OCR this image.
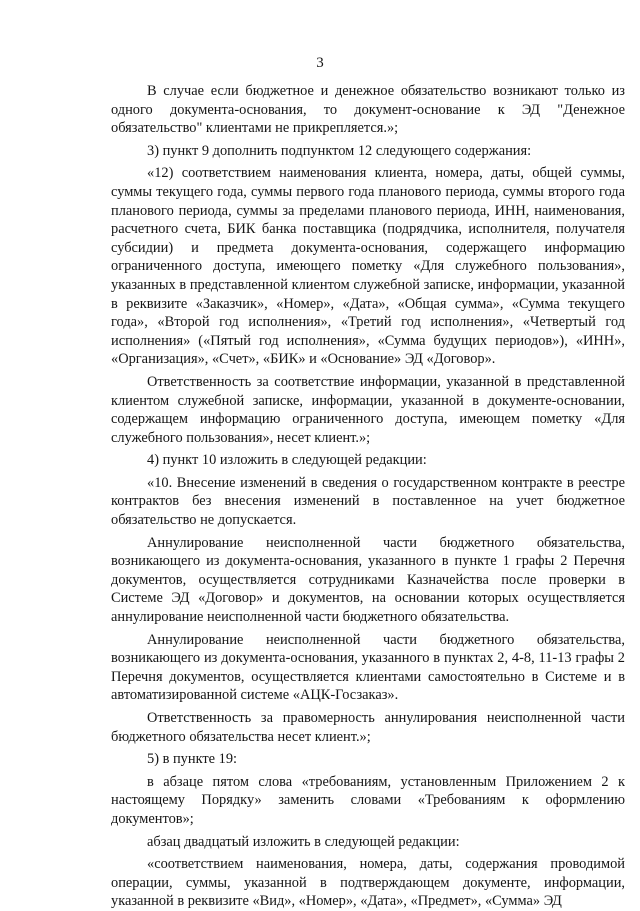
3

В случае если бюджетное и денежное обязательство возникают только из одного документа-основания, то документ-основание к ЭД "Денежное обязательство" клиентами не прикрепляется.»;

3) пункт 9 дополнить подпунктом 12 следующего содержания:

«12) соответствием наименования клиента, номера, даты, общей суммы, суммы текущего года, суммы первого года планового периода, суммы второго года планового периода, суммы за пределами планового периода, ИНН, наименования, расчетного счета, БИК банка поставщика (подрядчика, исполнителя, получателя субсидии) и предмета документа-основания, содержащего информацию ограниченного доступа, имеющего пометку «Для служебного пользования», указанных в представленной клиентом служебной записке, информации, указанной в реквизите «Заказчик», «Номер», «Дата», «Общая сумма», «Сумма текущего года», «Второй год исполнения», «Третий год исполнения», «Четвертый год исполнения» («Пятый год исполнения», «Сумма будущих периодов»), «ИНН», «Организация», «Счет», «БИК» и «Основание» ЭД «Договор».

Ответственность за соответствие информации, указанной в представленной клиентом служебной записке, информации, указанной в документе-основании, содержащем информацию ограниченного доступа, имеющем пометку «Для служебного пользования», несет клиент.»;

4) пункт 10 изложить в следующей редакции:

«10. Внесение изменений в сведения о государственном контракте в реестре контрактов без внесения изменений в поставленное на учет бюджетное обязательство не допускается.

Аннулирование неисполненной части бюджетного обязательства, возникающего из документа-основания, указанного в пункте 1 графы 2 Перечня документов, осуществляется сотрудниками Казначейства после проверки в Системе ЭД «Договор» и документов, на основании которых осуществляется аннулирование неисполненной части бюджетного обязательства.

Аннулирование неисполненной части бюджетного обязательства, возникающего из документа-основания, указанного в пунктах 2, 4-8, 11-13 графы 2 Перечня документов, осуществляется клиентами самостоятельно в Системе и в автоматизированной системе «АЦК-Госзаказ».

Ответственность за правомерность аннулирования неисполненной части бюджетного обязательства несет клиент.»;

5) в пункте 19:

в абзаце пятом слова «требованиям, установленным Приложением 2 к настоящему Порядку» заменить словами «Требованиям к оформлению документов»;

абзац двадцатый изложить в следующей редакции:

«соответствием наименования, номера, даты, содержания проводимой операции, суммы, указанной в подтверждающем документе, информации, указанной в реквизите «Вид», «Номер», «Дата», «Предмет», «Сумма» ЭД
